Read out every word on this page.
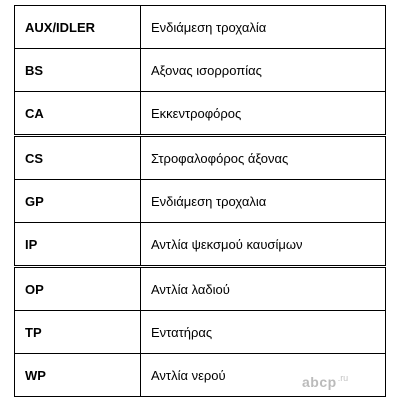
AUX/IDLER	Ενδιάμεση τροχαλία
BS	Αξονας ισορροπίας
CA	Εκκεντροφόρος
CS	Στροφαλοφόρος άξονας
GP	Ενδιάμεση τροχαλια
IP	Αντλία ψεκσμού καυσίμων
OP	Αντλία λαδιού
TP	Εντατήρας
WP	Αντλία νερού	abcp .ru
